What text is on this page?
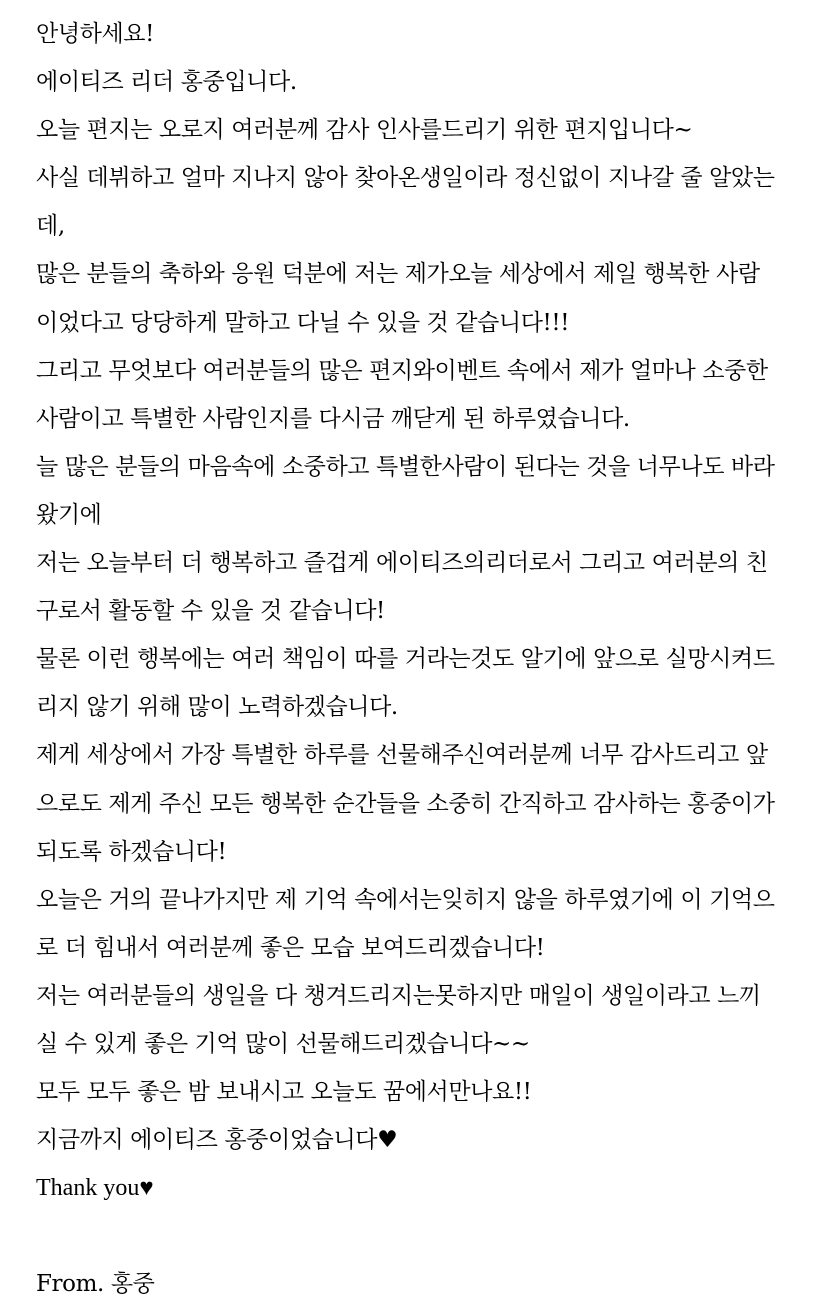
안녕하세요!
에이티즈 리더 홍중입니다.
오늘 편지는 오로지 여러분께 감사 인사를드리기 위한 편지입니다~
사실 데뷔하고 얼마 지나지 않아 찾아온생일이라 정신없이 지나갈 줄 알았는
데,
많은 분들의 축하와 응원 덕분에 저는 제가오늘 세상에서 제일 행복한 사람
이었다고 당당하게 말하고 다닐 수 있을 것 같습니다!!!
그리고 무엇보다 여러분들의 많은 편지와이벤트 속에서 제가 얼마나 소중한
사람이고 특별한 사람인지를 다시금 깨닫게 된 하루였습니다.
늘 많은 분들의 마음속에 소중하고 특별한사람이 된다는 것을 너무나도 바라
왔기에
저는 오늘부터 더 행복하고 즐겁게 에이티즈의리더로서 그리고 여러분의 친
구로서 활동할 수 있을 것 같습니다!
물론 이런 행복에는 여러 책임이 따를 거라는것도 알기에 앞으로 실망시켜드
리지 않기 위해 많이 노력하겠습니다.
제게 세상에서 가장 특별한 하루를 선물해주신여러분께 너무 감사드리고 앞
으로도 제게 주신 모든 행복한 순간들을 소중히 간직하고 감사하는 홍중이가
되도록 하겠습니다!
오늘은 거의 끝나가지만 제 기억 속에서는잊히지 않을 하루였기에 이 기억으
로 더 힘내서 여러분께 좋은 모습 보여드리겠습니다!
저는 여러분들의 생일을 다 챙겨드리지는못하지만 매일이 생일이라고 느끼
실 수 있게 좋은 기억 많이 선물해드리겠습니다~~
모두 모두 좋은 밤 보내시고 오늘도 꿈에서만나요!!
지금까지 에이티즈 홍중이었습니다♥
Thank you♥
From. 홍중
